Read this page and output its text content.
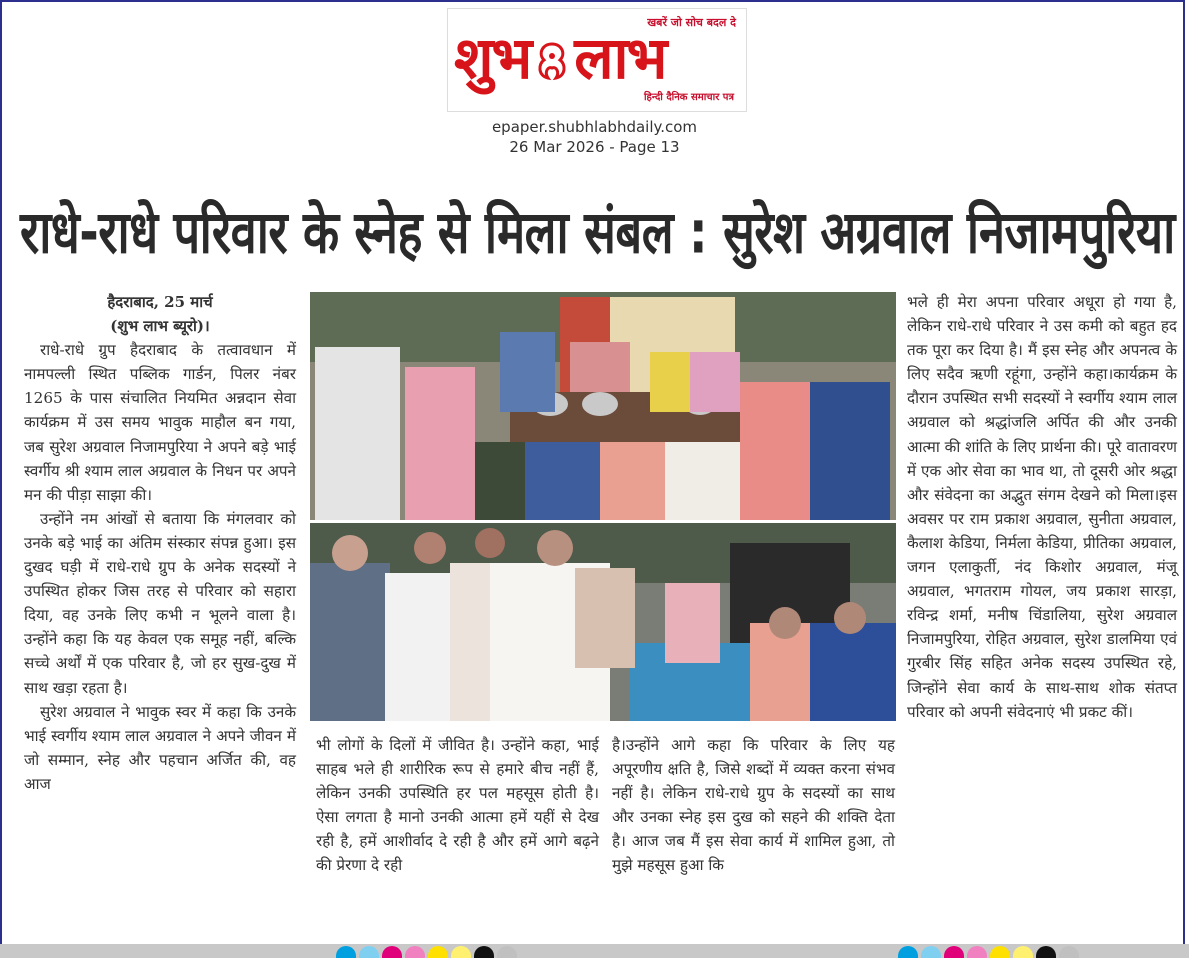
खबरें जो सोच बदल दे
शुभ लाभ
हिन्दी दैनिक समाचार पत्र
epaper.shubhlabhdaily.com
26 Mar 2026 - Page 13
राधे-राधे परिवार के स्नेह से मिला संबल : सुरेश अग्रवाल निजामपुरिया

हैदराबाद, 25 मार्च

(शुभ लाभ ब्यूरो)।

राधे-राधे ग्रुप हैदराबाद के तत्वावधान में नामपल्ली स्थित पब्लिक गार्डन, पिलर नंबर 1265 के पास संचालित नियमित अन्नदान सेवा कार्यक्रम में उस समय भावुक माहौल बन गया, जब सुरेश अग्रवाल निजामपुरिया ने अपने बड़े भाई स्वर्गीय श्री श्याम लाल अग्रवाल के निधन पर अपने मन की पीड़ा साझा की।

उन्होंने नम आंखों से बताया कि मंगलवार को उनके बड़े भाई का अंतिम संस्कार संपन्न हुआ। इस दुखद घड़ी में राधे-राधे ग्रुप के अनेक सदस्यों ने उपस्थित होकर जिस तरह से परिवार को सहारा दिया, वह उनके लिए कभी न भूलने वाला है। उन्होंने कहा कि यह केवल एक समूह नहीं, बल्कि सच्चे अर्थों में एक परिवार है, जो हर सुख-दुख में साथ खड़ा रहता है।

सुरेश अग्रवाल ने भावुक स्वर में कहा कि उनके भाई स्वर्गीय श्याम लाल अग्रवाल ने अपने जीवन में जो सम्मान, स्नेह और पहचान अर्जित की, वह आज

भी लोगों के दिलों में जीवित है। उन्होंने कहा, भाई साहब भले ही शारीरिक रूप से हमारे बीच नहीं हैं, लेकिन उनकी उपस्थिति हर पल महसूस होती है। ऐसा लगता है मानो उनकी आत्मा हमें यहीं से देख रही है, हमें आशीर्वाद दे रही है और हमें आगे बढ़ने की प्रेरणा दे रही

है।उन्होंने आगे कहा कि परिवार के लिए यह अपूरणीय क्षति है, जिसे शब्दों में व्यक्त करना संभव नहीं है। लेकिन राधे-राधे ग्रुप के सदस्यों का साथ और उनका स्नेह इस दुख को सहने की शक्ति देता है। आज जब मैं इस सेवा कार्य में शामिल हुआ, तो मुझे महसूस हुआ कि

भले ही मेरा अपना परिवार अधूरा हो गया है, लेकिन राधे-राधे परिवार ने उस कमी को बहुत हद तक पूरा कर दिया है। मैं इस स्नेह और अपनत्व के लिए सदैव ऋणी रहूंगा, उन्होंने कहा।कार्यक्रम के दौरान उपस्थित सभी सदस्यों ने स्वर्गीय श्याम लाल अग्रवाल को श्रद्धांजलि अर्पित की और उनकी आत्मा की शांति के लिए प्रार्थना की। पूरे वातावरण में एक ओर सेवा का भाव था, तो दूसरी ओर श्रद्धा और संवेदना का अद्भुत संगम देखने को मिला।इस अवसर पर राम प्रकाश अग्रवाल, सुनीता अग्रवाल, कैलाश केडिया, निर्मला केडिया, प्रीतिका अग्रवाल, जगन एलाकुर्ती, नंद किशोर अग्रवाल, मंजू अग्रवाल, भगतराम गोयल, जय प्रकाश सारड़ा, रविन्द्र शर्मा, मनीष चिंडालिया, सुरेश अग्रवाल निजामपुरिया, रोहित अग्रवाल, सुरेश डालमिया एवं गुरबीर सिंह सहित अनेक सदस्य उपस्थित रहे, जिन्होंने सेवा कार्य के साथ-साथ शोक संतप्त परिवार को अपनी संवेदनाएं भी प्रकट कीं।
